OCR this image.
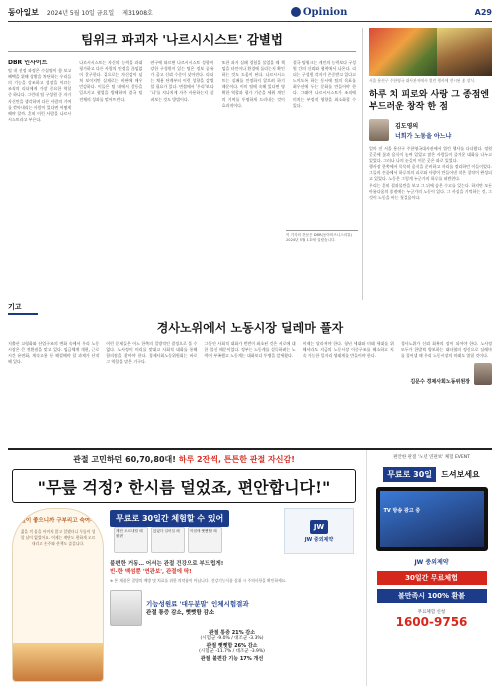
동아일보 2024년 5월 10일 금요일 제31908호	Opinion	A29
팀위크 파괴자 '나르시시스트' 감별법
DBR 인사이트

팀 내 선정 과정은 수십명이 함 보고 혜택을 위해 상황을 차단하는 우리들의 기능을 강조하고 성장을 이끄는 조직의 리더에게 가장 중요한 역할 중 하나다. 그런데 팀 구성원 중 자기 자신만을 생각하며 다른 사람의 기여를 깎아내리는 사람이 있다면 어떻게 해야 할까. 흔히 이런 사람을 나르시시스트라고 부른다.

나르시시스트는 자신의 능력을 과대평가하고 다른 사람의 인정을 끊임없이 갈구한다. 겉으로는 자신감이 넘쳐 보이지만 실제로는 비판에 매우 민감하다. 이들은 팀 내에서 갈등을 일으키고 협업을 방해하며 결국 팀 전체의 성과를 떨어뜨린다.

연구에 따르면 나르시시스트 성향이 강한 구성원이 있는 팀은 정보 공유가 줄고 신뢰 수준이 낮아진다. 리더는 채용 단계부터 이런 성향을 감별할 필요가 있다. 면접에서 '우리'보다 '나'를 지나치게 자주 사용하는지 살펴보는 것도 방법이다.

또한 과거 실패 경험을 물었을 때 책임을 타인이나 환경에 돌리는지 확인하는 것도 도움이 된다. 나르시시스트는 실패를 인정하지 않으려 하기 때문이다. 이미 팀에 속해 있다면 명확한 역할과 평가 기준을 세워 개인의 기여를 투명하게 드러내는 것이 효과적이다.

결국 팀워크는 개인의 능력보다 구성원 간의 신뢰와 협력에서 나온다. 리더는 구성원 각자가 존중받고 있다고 느끼도록 하는 동시에 팀의 목표를 최우선에 두는 문화를 만들어야 한다. 그래야 나르시시스트가 조직에 미치는 부정적 영향을 최소화할 수 있다.

이 기사의 전문은 DBR(동아비즈니스리뷰) 2024년 5월 1호에 실렸습니다.
서울 용산구 주한영국 대사관저에서 열린 행사에 전시된 꽃 장식.
하루 치 피로와 사랑 그 종점엔 부드러운 창작 한 점
김도영의
너희가 노동을 아느냐

얼마 전 서울 용산구 주한영국대사관에서 열린 행사를 다녀왔다. 정원 곳곳에 꽃과 음식이 놓여 있었고 많은 사람들이 즐거운 대화를 나누고 있었다. 그러나 나의 눈길이 머문 곳은 따로 있었다.

행사장 한쪽에서 묵묵히 음식을 준비하고 자리를 정리하던 이들이었다. 그들의 손끝에서 하루치의 피로와 사랑이 만들어낸 작은 창작이 완성되고 있었다. 노동은 그렇게 누군가의 하루를 떠받친다.

우리는 흔히 결과물만을 보고 그 뒤에 숨은 수고를 잊는다. 하지만 모든 아름다움의 종점에는 누군가의 노동이 있다. 그 사실을 기억하는 것, 그것이 노동을 아는 첫걸음이다.

기고
경사노위에서 노동시장 딜레마 풀자

저출산 고령화와 산업구조의 변화 속에서 우리 노동시장은 큰 전환점을 맞고 있다. 임금체계 개편, 근로시간 유연화, 계속고용 등 해결해야 할 과제가 산적해 있다.

이런 문제들은 어느 한쪽의 일방적인 결정으로 풀 수 없다. 노사정이 머리를 맞대고 사회적 대화를 통해 합의점을 찾아야 한다. 경제사회노동위원회는 바로 그 역할을 맡은 기구다.

그동안 사회적 대화가 번번이 좌초된 것은 서로에 대한 불신 때문이었다. 정부는 노동계를 설득하려는 노력이 부족했고 노동계는 대화보다 투쟁을 앞세웠다.

이제는 달라져야 한다. 청년 세대와 미래 세대를 위해서라도 지금의 노동시장 이중구조를 해소하고 지속 가능한 일자리 생태계를 만들어야 한다.

경사노위가 신뢰 회복의 장이 되어야 한다. 노사정 모두가 한발씩 양보하는 대타협의 정신으로 딜레마를 풀어낼 때 우리 노동시장의 미래도 열릴 것이다.

김문수 경제사회노동위원장
관절 고민하던 60,70,80대! 하루 2잔씩, 튼튼한 관절 자신감!
"무릎 걱정? 한시름 덜었죠, 편안합니다!"
관절이 좋으니까 구부리고 숙여서요
젊을 적 몸을 아끼지 않고 일했더니 무릎이 성할 날이 없었어요. 이제는 계단도 편하게 오르내리고 손주와 산책도 즐겁니다.
무료로 30일간 체험할 수 있어
계단 오르내릴 때 불편
앉았다 일어설 때	아침에 뻣뻣할 때	JW
JW 중외제약
불편한 거동… 어서는 관절 건강으로 부드럽게!
빈-한 맥섬뿐 '연관보', 관절에 딱!
※ 본 제품은 질병의 예방 및 치료를 위한 의약품이 아닙니다. 건강기능식품 섭취 시 주의사항을 확인하세요.
기능성원료 '대두분말' 인체시험결과
관절 통증 감소, 뻣뻣함 감소
관절 통증 21% 감소
(시험군 -9.0% / 대조군 -3.3%)
관절 뻣뻣함 26% 감소
(시험군 -11.7% / 대조군 -3.9%)
관절 불편감 기능 17% 개선
편안한 관절 '노년 연관보' 체험 EVENT
무료로 30일 드셔보세요
TV 방송 광고 중
JW 중외제약
30일간 무료체험
불만족시 100% 환불
무료체험 신청
1600-9756
